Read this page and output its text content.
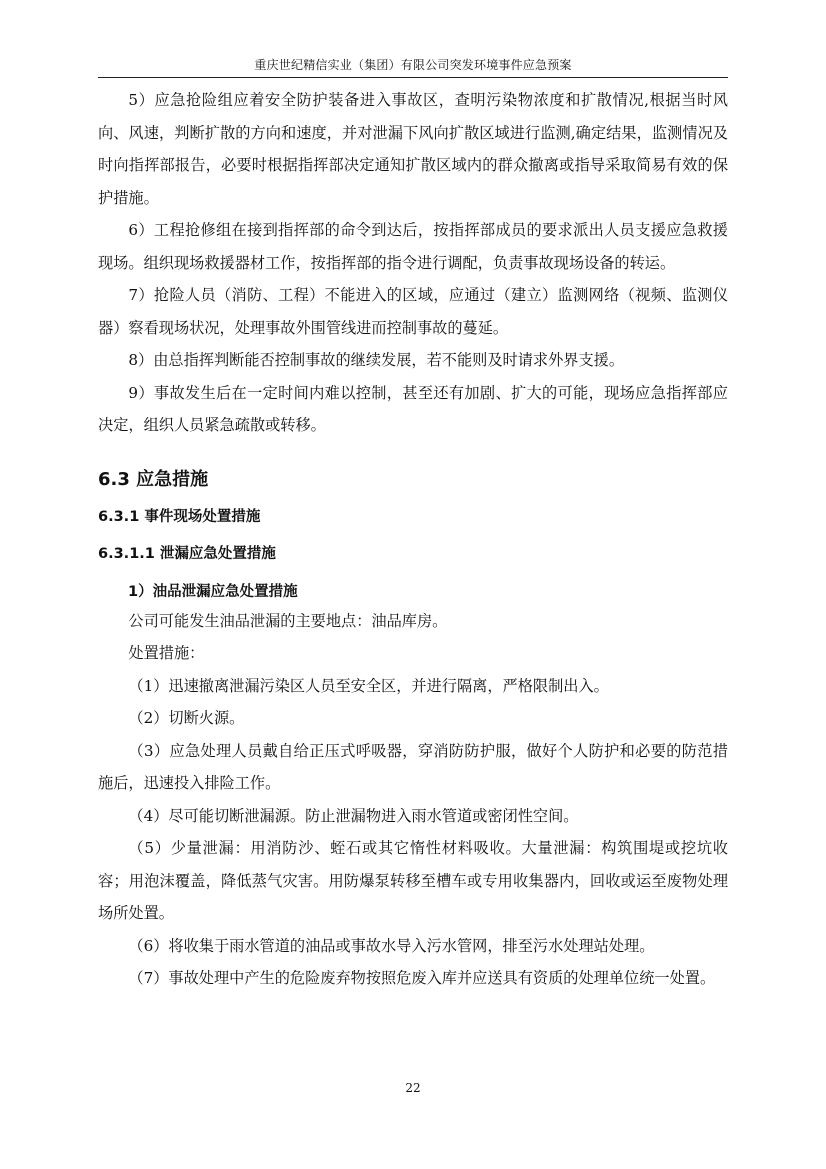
重庆世纪精信实业（集团）有限公司突发环境事件应急预案

5）应急抢险组应着安全防护装备进入事故区，查明污染物浓度和扩散情况,根据当时风向、风速，判断扩散的方向和速度，并对泄漏下风向扩散区域进行监测,确定结果，监测情况及时向指挥部报告，必要时根据指挥部决定通知扩散区域内的群众撤离或指导采取简易有效的保护措施。

6）工程抢修组在接到指挥部的命令到达后，按指挥部成员的要求派出人员支援应急救援现场。组织现场救援器材工作，按指挥部的指令进行调配，负责事故现场设备的转运。

7）抢险人员（消防、工程）不能进入的区域，应通过（建立）监测网络（视频、监测仪器）察看现场状况，处理事故外围管线进而控制事故的蔓延。

8）由总指挥判断能否控制事故的继续发展，若不能则及时请求外界支援。

9）事故发生后在一定时间内难以控制，甚至还有加剧、扩大的可能，现场应急指挥部应决定，组织人员紧急疏散或转移。

6.3 应急措施
6.3.1 事件现场处置措施
6.3.1.1 泄漏应急处置措施
1）油品泄漏应急处置措施

公司可能发生油品泄漏的主要地点：油品库房。

处置措施：

（1）迅速撤离泄漏污染区人员至安全区，并进行隔离，严格限制出入。

（2）切断火源。

（3）应急处理人员戴自给正压式呼吸器，穿消防防护服，做好个人防护和必要的防范措施后，迅速投入排险工作。

（4）尽可能切断泄漏源。防止泄漏物进入雨水管道或密闭性空间。

（5）少量泄漏：用消防沙、蛭石或其它惰性材料吸收。大量泄漏：构筑围堤或挖坑收容；用泡沫覆盖，降低蒸气灾害。用防爆泵转移至槽车或专用收集器内，回收或运至废物处理场所处置。

（6）将收集于雨水管道的油品或事故水导入污水管网，排至污水处理站处理。

（7）事故处理中产生的危险废弃物按照危废入库并应送具有资质的处理单位统一处置。

22
